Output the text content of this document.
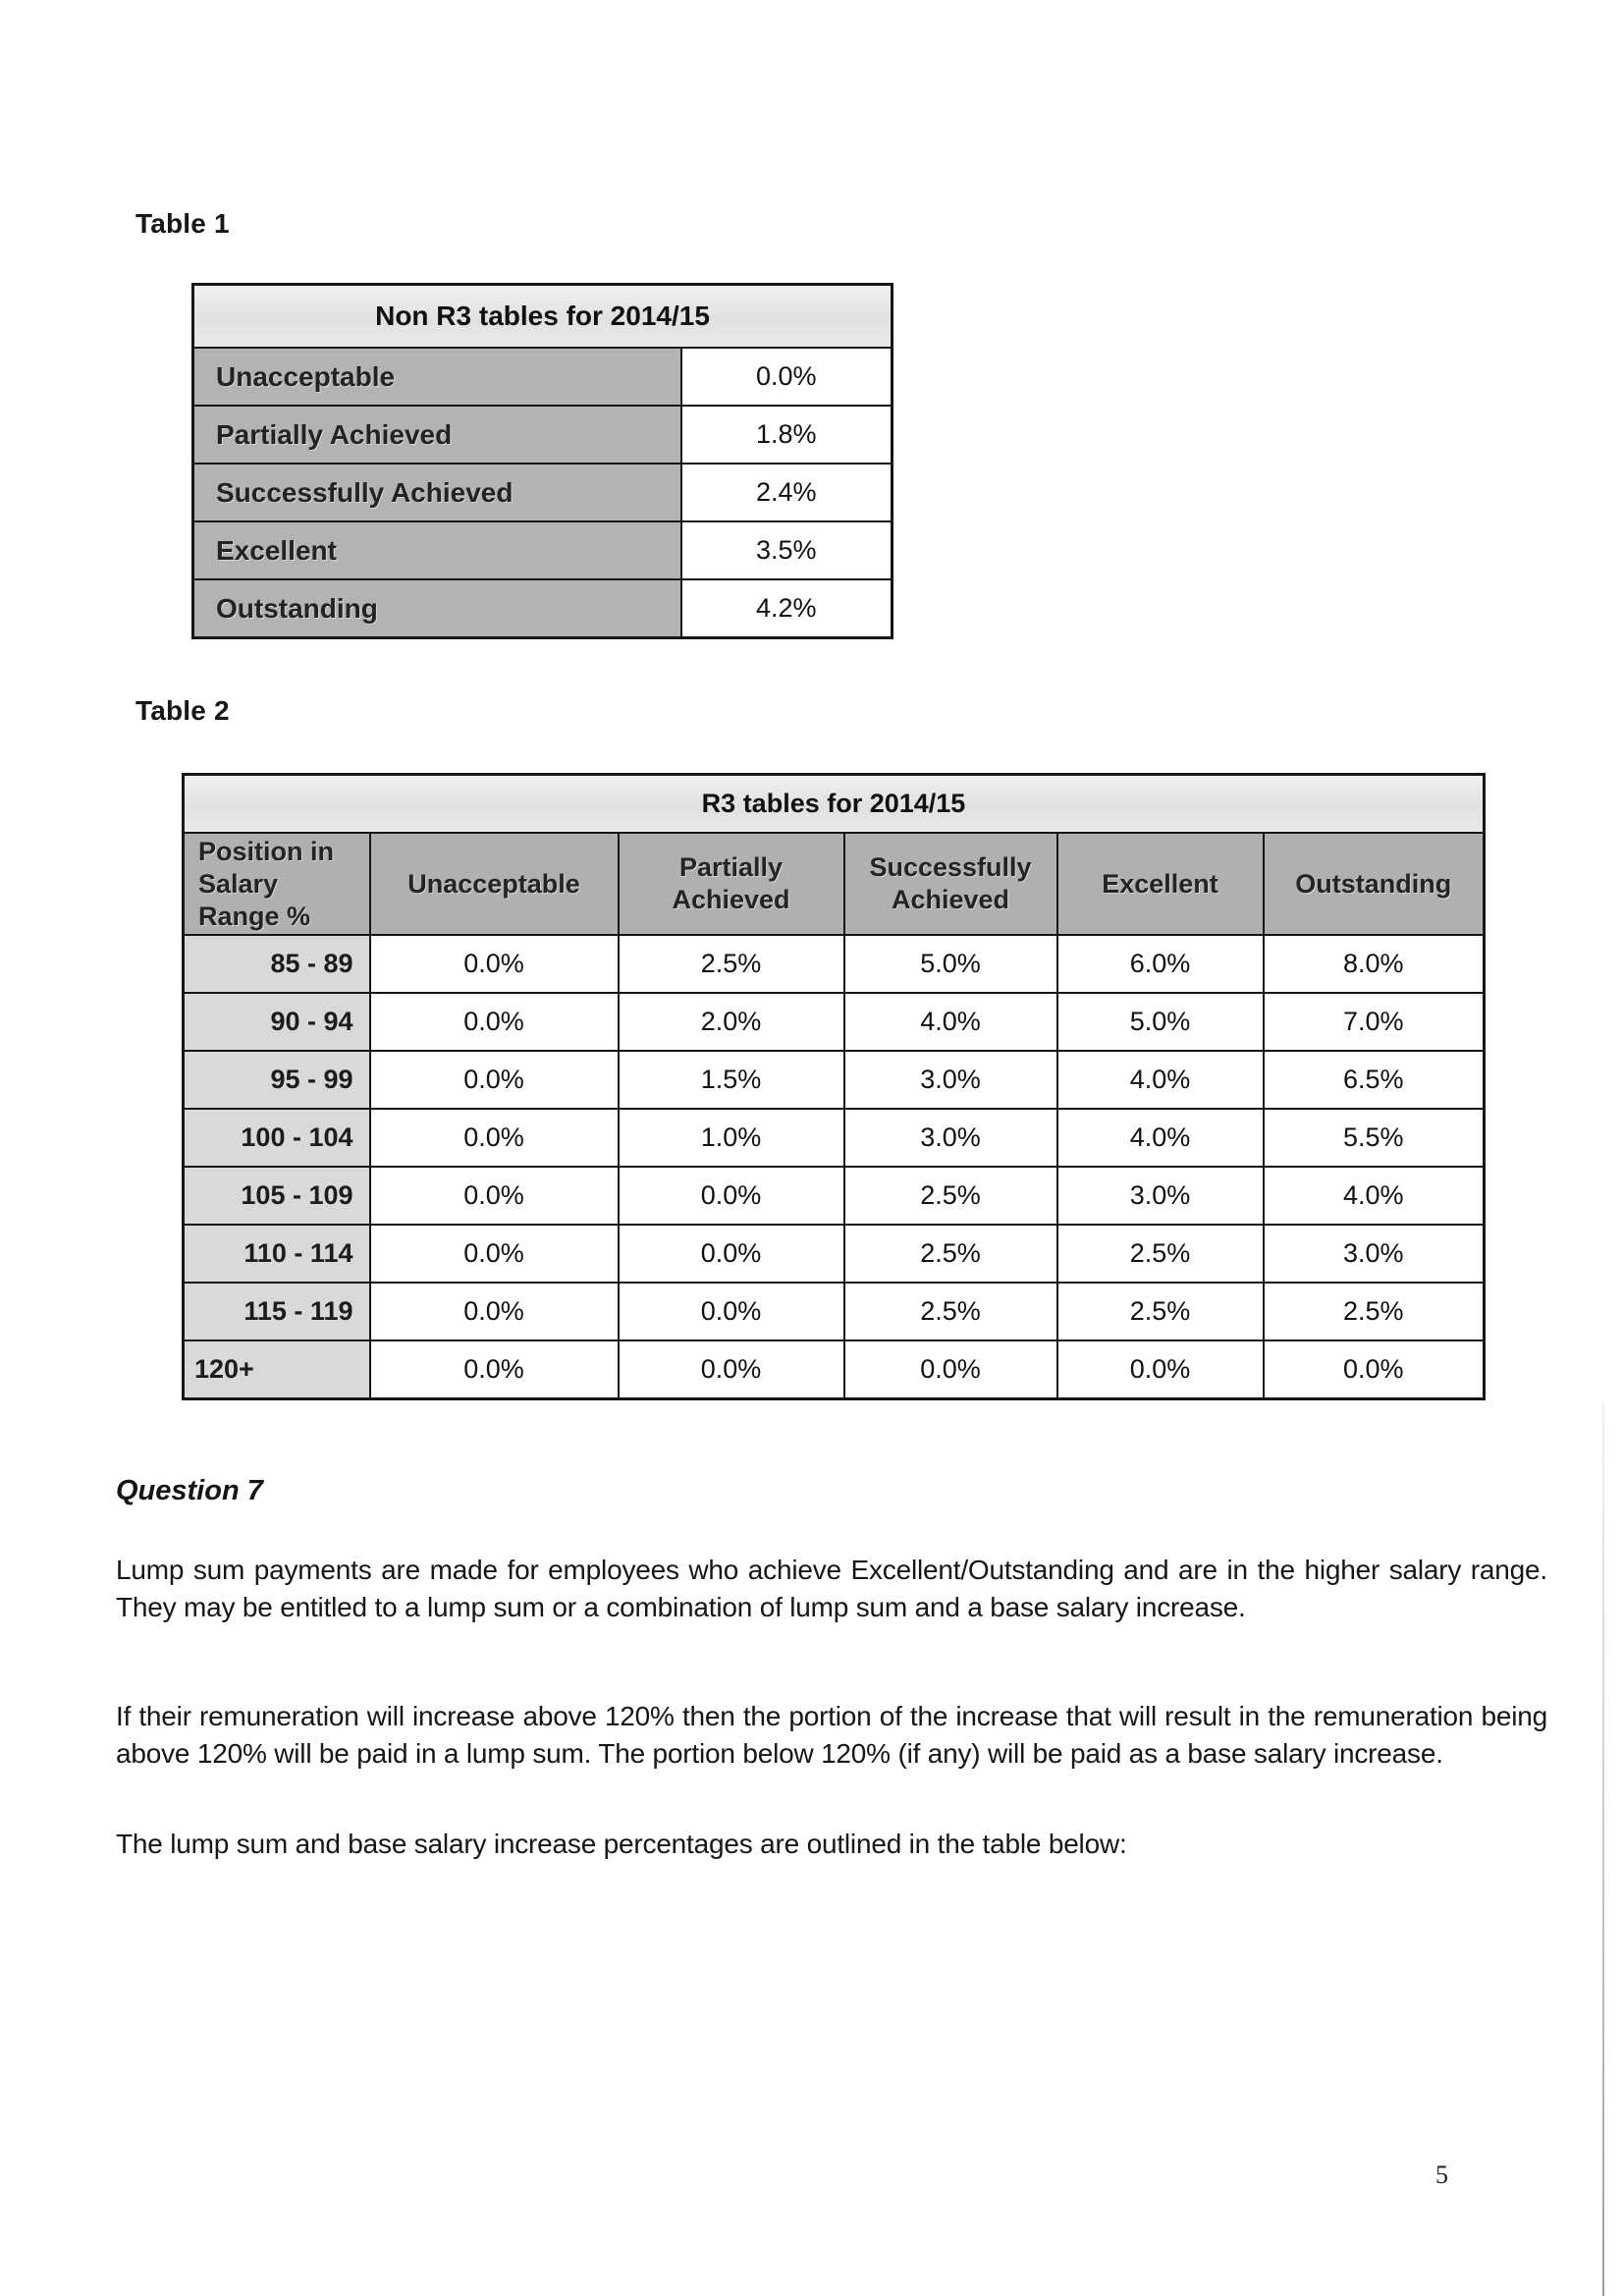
Table 1
Non R3 tables for 2014/15	
Unacceptable	0.0%
Partially Achieved	1.8%
Successfully Achieved	2.4%
Excellent	3.5%
Outstanding	4.2%
Table 2
R3 tables for 2014/15					
Position in Salary Range %	Unacceptable	Partially Achieved	Successfully Achieved	Excellent	Outstanding
85 - 89	0.0%	2.5%	5.0%	6.0%	8.0%
90 - 94	0.0%	2.0%	4.0%	5.0%	7.0%
95 - 99	0.0%	1.5%	3.0%	4.0%	6.5%
100 - 104	0.0%	1.0%	3.0%	4.0%	5.5%
105 - 109	0.0%	0.0%	2.5%	3.0%	4.0%
110 - 114	0.0%	0.0%	2.5%	2.5%	3.0%
115 - 119	0.0%	0.0%	2.5%	2.5%	2.5%
120+	0.0%	0.0%	0.0%	0.0%	0.0%
Question 7

Lump sum payments are made for employees who achieve Excellent/Outstanding and are in the higher salary range. They may be entitled to a lump sum or a combination of lump sum and a base salary increase.

If their remuneration will increase above 120% then the portion of the increase that will result in the remuneration being above 120% will be paid in a lump sum. The portion below 120% (if any) will be paid as a base salary increase.

The lump sum and base salary increase percentages are outlined in the table below:

5
